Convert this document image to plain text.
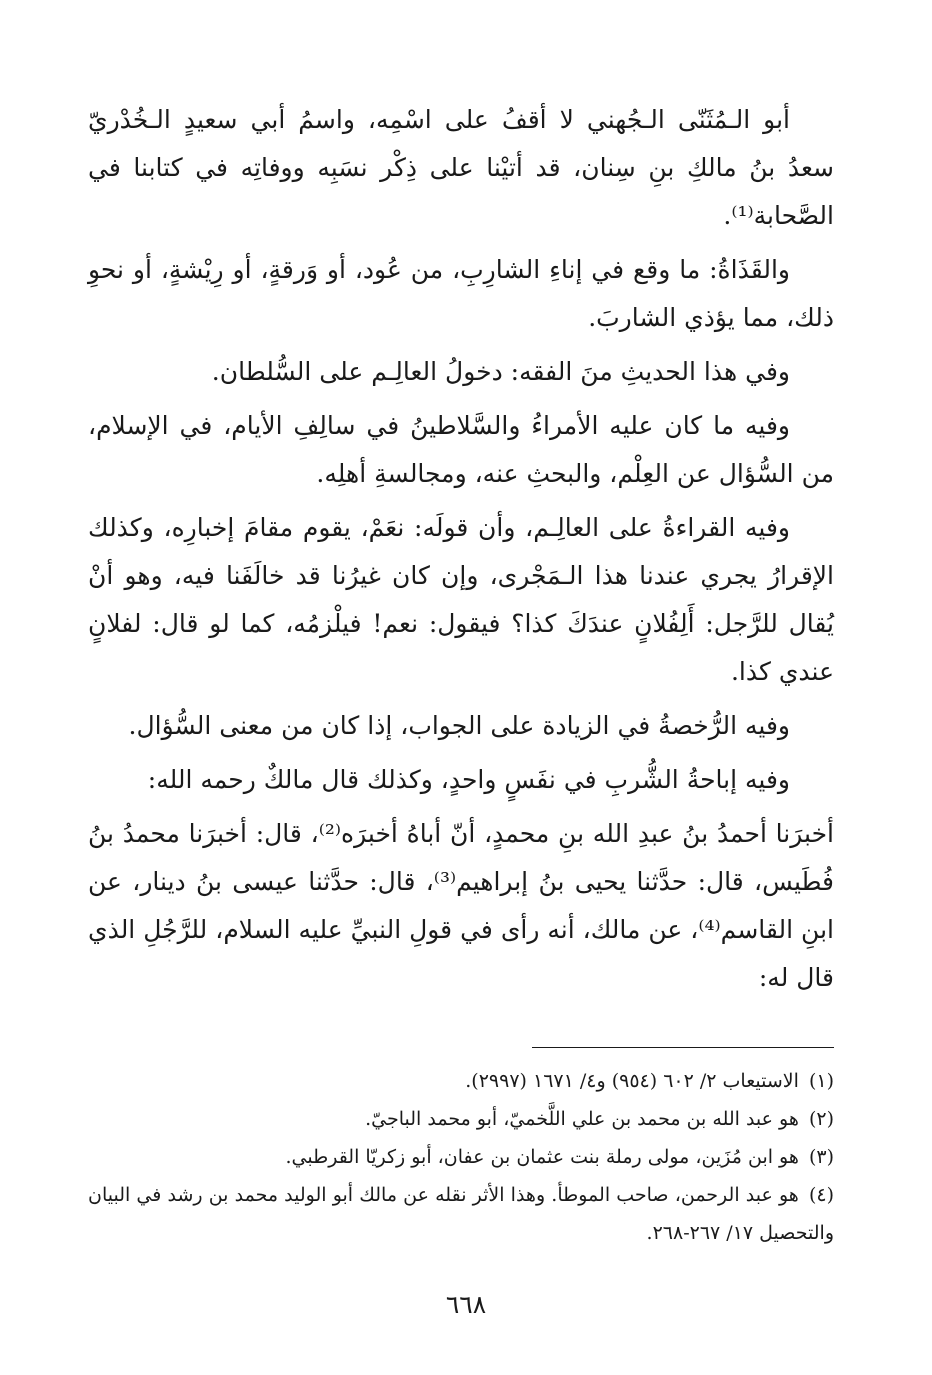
أبو الـمُثَنّى الـجُهني لا أقفُ على اسْمِه، واسمُ أبي سعيدٍ الـخُدْريّ سعدُ بنُ مالكِ بنِ سِنان، قد أتيْنا على ذِكْر نسَبِه ووفاتِه في كتابنا في الصَّحابة⁽¹⁾.

والقَذَاةُ: ما وقع في إناءِ الشارِبِ، من عُود، أو وَرقةٍ، أو رِيْشةٍ، أو نحوِ ذلك، مما يؤذي الشاربَ.

وفي هذا الحديثِ منَ الفقه: دخولُ العالِـم على السُّلطان.

وفيه ما كان عليه الأمراءُ والسَّلاطينُ في سالِفِ الأيام، في الإسلام، من السُّؤال عن العِلْم، والبحثِ عنه، ومجالسةِ أهلِه.

وفيه القراءةُ على العالِـم، وأن قولَه: نعَمْ، يقوم مقامَ إخبارِه، وكذلك الإقرارُ يجري عندنا هذا الـمَجْرى، وإن كان غيرُنا قد خالَفَنا فيه، وهو أنْ يُقال للرَّجل: أَلِفُلانٍ عندَكَ كذا؟ فيقول: نعم! فيلْزمُه، كما لو قال: لفلانٍ عندي كذا.

وفيه الرُّخصةُ في الزيادة على الجواب، إذا كان من معنى السُّؤال.

وفيه إباحةُ الشُّربِ في نفَسٍ واحدٍ، وكذلك قال مالكٌ رحمه الله:

أخبرَنا أحمدُ بنُ عبدِ الله بنِ محمدٍ، أنّ أباهُ أخبرَه⁽²⁾، قال: أخبرَنا محمدُ بنُ فُطَيس، قال: حدَّثنا يحيى بنُ إبراهيم⁽³⁾، قال: حدَّثنا عيسى بنُ دينار، عن ابنِ القاسم⁽⁴⁾، عن مالك، أنه رأى في قولِ النبيِّ عليه السلام، للرَّجُلِ الذي قال له:

(١) الاستيعاب ٢/ ٦٠٢ (٩٥٤) و٤/ ١٦٧١ (٢٩٩٧).

(٢) هو عبد الله بن محمد بن علي اللَّخميّ، أبو محمد الباجيّ.

(٣) هو ابن مُزَين، مولى رملة بنت عثمان بن عفان، أبو زكريّا القرطبي.

(٤) هو عبد الرحمن، صاحب الموطأ. وهذا الأثر نقله عن مالك أبو الوليد محمد بن رشد في البيان والتحصيل ١٧/ ٢٦٧-٢٦٨.

٦٦٨
